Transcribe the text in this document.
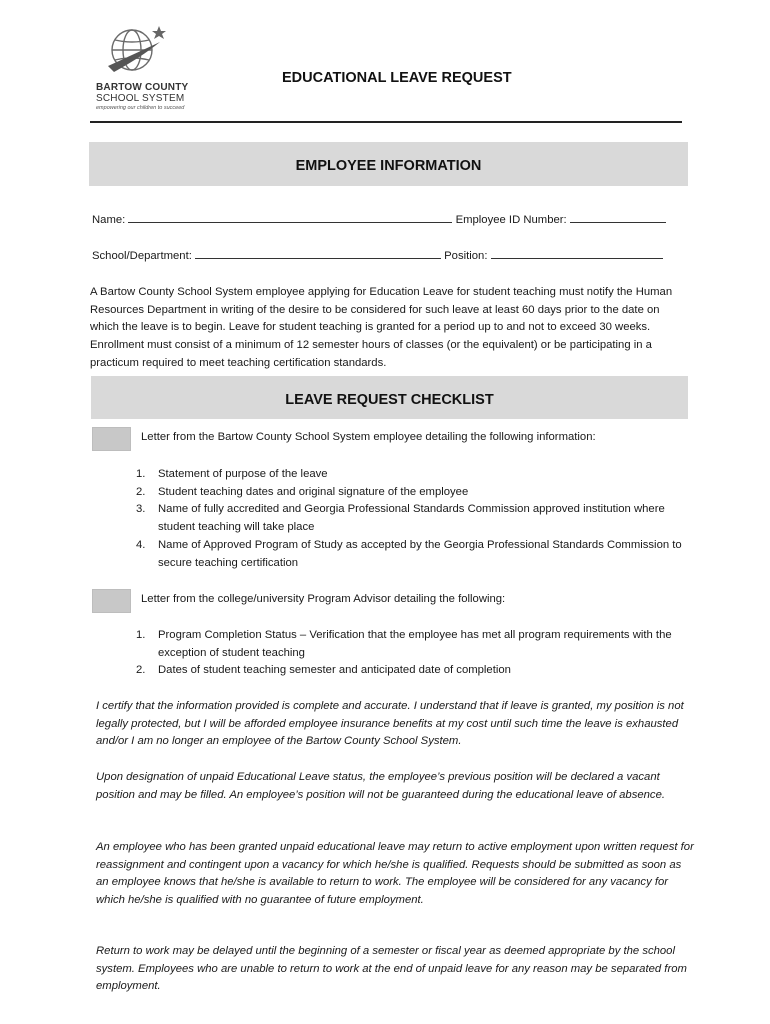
BARTOW COUNTY
SCHOOL SYSTEM
empowering our children to succeed
EDUCATIONAL LEAVE REQUEST
EMPLOYEE INFORMATION
Name:	Employee ID Number:
School/Department:	Position:
A Bartow County School System employee applying for Education Leave for student teaching must notify the Human Resources Department in writing of the desire to be considered for such leave at least 60 days prior to the date on which the leave is to begin. Leave for student teaching is granted for a period up to and not to exceed 30 weeks. Enrollment must consist of a minimum of 12 semester hours of classes (or the equivalent) or be participating in a practicum required to meet teaching certification standards.
LEAVE REQUEST CHECKLIST
Letter from the Bartow County School System employee detailing the following information:
1. Statement of purpose of the leave
2. Student teaching dates and original signature of the employee
3. Name of fully accredited and Georgia Professional Standards Commission approved institution where student teaching will take place
4. Name of Approved Program of Study as accepted by the Georgia Professional Standards Commission to secure teaching certification
Letter from the college/university Program Advisor detailing the following:
1. Program Completion Status – Verification that the employee has met all program requirements with the exception of student teaching
2. Dates of student teaching semester and anticipated date of completion
I certify that the information provided is complete and accurate. I understand that if leave is granted, my position is not legally protected, but I will be afforded employee insurance benefits at my cost until such time the leave is exhausted and/or I am no longer an employee of the Bartow County School System.
Upon designation of unpaid Educational Leave status, the employee’s previous position will be declared a vacant position and may be filled. An employee’s position will not be guaranteed during the educational leave of absence.
An employee who has been granted unpaid educational leave may return to active employment upon written request for reassignment and contingent upon a vacancy for which he/she is qualified. Requests should be submitted as soon as an employee knows that he/she is available to return to work. The employee will be considered for any vacancy for which he/she is qualified with no guarantee of future employment.
Return to work may be delayed until the beginning of a semester or fiscal year as deemed appropriate by the school system. Employees who are unable to return to work at the end of unpaid leave for any reason may be separated from employment.
